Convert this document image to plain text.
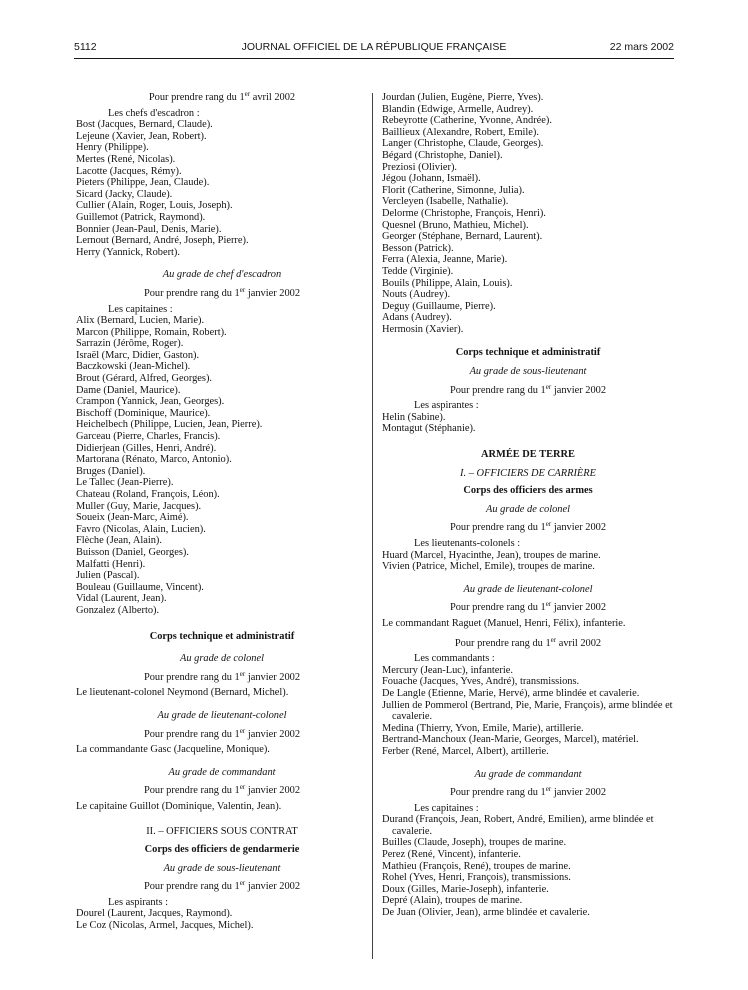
5112	JOURNAL OFFICIEL DE LA RÉPUBLIQUE FRANÇAISE	22 mars 2002
Pour prendre rang du 1er avril 2002
Les chefs d'escadron :
Bost (Jacques, Bernard, Claude).
Lejeune (Xavier, Jean, Robert).
Henry (Philippe).
Mertes (René, Nicolas).
Lacotte (Jacques, Rémy).
Pieters (Philippe, Jean, Claude).
Sicard (Jacky, Claude).
Cullier (Alain, Roger, Louis, Joseph).
Guillemot (Patrick, Raymond).
Bonnier (Jean-Paul, Denis, Marie).
Lernout (Bernard, André, Joseph, Pierre).
Herry (Yannick, Robert).
Au grade de chef d'escadron
Pour prendre rang du 1er janvier 2002
Les capitaines :
Alix (Bernard, Lucien, Marie).
Marcon (Philippe, Romain, Robert).
Sarrazin (Jérôme, Roger).
Israël (Marc, Didier, Gaston).
Baczkowski (Jean-Michel).
Brout (Gérard, Alfred, Georges).
Dame (Daniel, Maurice).
Crampon (Yannick, Jean, Georges).
Bischoff (Dominique, Maurice).
Heichelbech (Philippe, Lucien, Jean, Pierre).
Garceau (Pierre, Charles, Francis).
Didierjean (Gilles, Henri, André).
Martorana (Rénato, Marco, Antonio).
Bruges (Daniel).
Le Tallec (Jean-Pierre).
Chateau (Roland, François, Léon).
Muller (Guy, Marie, Jacques).
Soueix (Jean-Marc, Aimé).
Favro (Nicolas, Alain, Lucien).
Flèche (Jean, Alain).
Buisson (Daniel, Georges).
Malfatti (Henri).
Julien (Pascal).
Bouleau (Guillaume, Vincent).
Vidal (Laurent, Jean).
Gonzalez (Alberto).
Corps technique et administratif
Au grade de colonel
Pour prendre rang du 1er janvier 2002
Le lieutenant-colonel Neymond (Bernard, Michel).
Au grade de lieutenant-colonel
Pour prendre rang du 1er janvier 2002
La commandante Gasc (Jacqueline, Monique).
Au grade de commandant
Pour prendre rang du 1er janvier 2002
Le capitaine Guillot (Dominique, Valentin, Jean).
II. – OFFICIERS SOUS CONTRAT
Corps des officiers de gendarmerie
Au grade de sous-lieutenant
Pour prendre rang du 1er janvier 2002
Les aspirants :
Dourel (Laurent, Jacques, Raymond).
Le Coz (Nicolas, Armel, Jacques, Michel).
Jourdan (Julien, Eugène, Pierre, Yves).
Blandin (Edwige, Armelle, Audrey).
Rebeyrotte (Catherine, Yvonne, Andrée).
Baillieux (Alexandre, Robert, Emile).
Langer (Christophe, Claude, Georges).
Bégard (Christophe, Daniel).
Preziosi (Olivier).
Jégou (Johann, Ismaël).
Florit (Catherine, Simonne, Julia).
Vercleyen (Isabelle, Nathalie).
Delorme (Christophe, François, Henri).
Quesnel (Bruno, Mathieu, Michel).
Georger (Stéphane, Bernard, Laurent).
Besson (Patrick).
Ferra (Alexia, Jeanne, Marie).
Tedde (Virginie).
Bouils (Philippe, Alain, Louis).
Nouts (Audrey).
Deguy (Guillaume, Pierre).
Adans (Audrey).
Hermosin (Xavier).
Corps technique et administratif
Au grade de sous-lieutenant
Pour prendre rang du 1er janvier 2002
Les aspirantes :
Helin (Sabine).
Montagut (Stéphanie).
ARMÉE DE TERRE
I. – OFFICIERS DE CARRIÈRE
Corps des officiers des armes
Au grade de colonel
Pour prendre rang du 1er janvier 2002
Les lieutenants-colonels :
Huard (Marcel, Hyacinthe, Jean), troupes de marine.
Vivien (Patrice, Michel, Emile), troupes de marine.
Au grade de lieutenant-colonel
Pour prendre rang du 1er janvier 2002
Le commandant Raguet (Manuel, Henri, Félix), infanterie.
Pour prendre rang du 1er avril 2002
Les commandants :
Mercury (Jean-Luc), infanterie.
Fouache (Jacques, Yves, André), transmissions.
De Langle (Etienne, Marie, Hervé), arme blindée et cavalerie.
Jullien de Pommerol (Bertrand, Pie, Marie, François), arme blindée et cavalerie.
Medina (Thierry, Yvon, Emile, Marie), artillerie.
Bertrand-Manchoux (Jean-Marie, Georges, Marcel), matériel.
Ferber (René, Marcel, Albert), artillerie.
Au grade de commandant
Pour prendre rang du 1er janvier 2002
Les capitaines :
Durand (François, Jean, Robert, André, Emilien), arme blindée et cavalerie.
Builles (Claude, Joseph), troupes de marine.
Perez (René, Vincent), infanterie.
Mathieu (François, René), troupes de marine.
Rohel (Yves, Henri, François), transmissions.
Doux (Gilles, Marie-Joseph), infanterie.
Depré (Alain), troupes de marine.
De Juan (Olivier, Jean), arme blindée et cavalerie.
